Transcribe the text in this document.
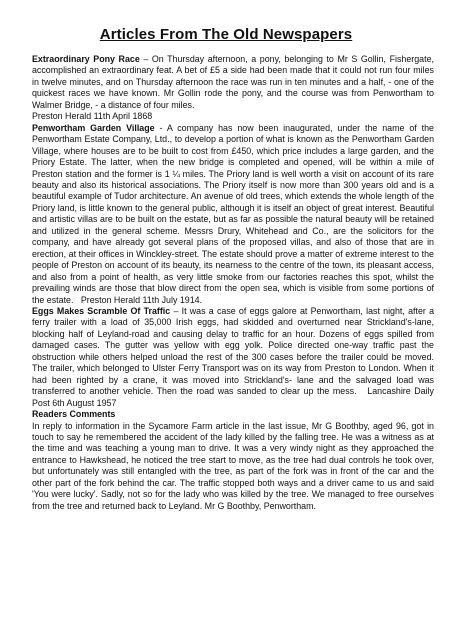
Articles From The Old Newspapers

Extraordinary Pony Race – On Thursday afternoon, a pony, belonging to Mr S Gollin, Fishergate, accomplished an extraordinary feat. A bet of £5 a side had been made that it could not run four miles in twelve minutes, and on Thursday afternoon the race was run in ten minutes and a half, - one of the quickest races we have known. Mr Gollin rode the pony, and the course was from Penwortham to Walmer Bridge, - a distance of four miles.
Preston Herald 11th April 1868

Penwortham Garden Village - A company has now been inaugurated, under the name of the Penwortham Estate Company, Ltd., to develop a portion of what is known as the Penwortham Garden Village, where houses are to be built to cost from £450, which price includes a large garden, and the Priory Estate. The latter, when the new bridge is completed and opened, will be within a mile of Preston station and the former is 1 ¼ miles. The Priory land is well worth a visit on account of its rare beauty and also its historical associations. The Priory itself is now more than 300 years old and is a beautiful example of Tudor architecture. An avenue of old trees, which extends the whole length of the Priory land, is little known to the general public, although it is itself an object of great interest. Beautiful and artistic villas are to be built on the estate, but as far as possible the natural beauty will be retained and utilized in the general scheme. Messrs Drury, Whitehead and Co., are the solicitors for the company, and have already got several plans of the proposed villas, and also of those that are in erection, at their offices in Winckley-street. The estate should prove a matter of extreme interest to the people of Preston on account of its beauty, its nearness to the centre of the town, its pleasant access, and also from a point of health, as very little smoke from our factories reaches this spot, whilst the prevailing winds are those that blow direct from the open sea, which is visible from some portions of the estate. Preston Herald 11th July 1914.

Eggs Makes Scramble Of Traffic – It was a case of eggs galore at Penwortham, last night, after a ferry trailer with a load of 35,000 Irish eggs, had skidded and overturned near Strickland's-lane, blocking half of Leyland-road and causing delay to traffic for an hour. Dozens of eggs spilled from damaged cases. The gutter was yellow with egg yolk. Police directed one-way traffic past the obstruction while others helped unload the rest of the 300 cases before the trailer could be moved. The trailer, which belonged to Ulster Ferry Transport was on its way from Preston to London. When it had been righted by a crane, it was moved into Strickland's- lane and the salvaged load was transferred to another vehicle. Then the road was sanded to clear up the mess. Lancashire Daily Post 6th August 1957

Readers Comments

In reply to information in the Sycamore Farm article in the last issue, Mr G Boothby, aged 96, got in touch to say he remembered the accident of the lady killed by the falling tree. He was a witness as at the time and was teaching a young man to drive. It was a very windy night as they approached the entrance to Hawkshead, he noticed the tree start to move, as the tree had dual controls he took over, but unfortunately was still entangled with the tree, as part of the fork was in front of the car and the other part of the fork behind the car. The traffic stopped both ways and a driver came to us and said 'You were lucky'. Sadly, not so for the lady who was killed by the tree. We managed to free ourselves from the tree and returned back to Leyland. Mr G Boothby, Penwortham.
